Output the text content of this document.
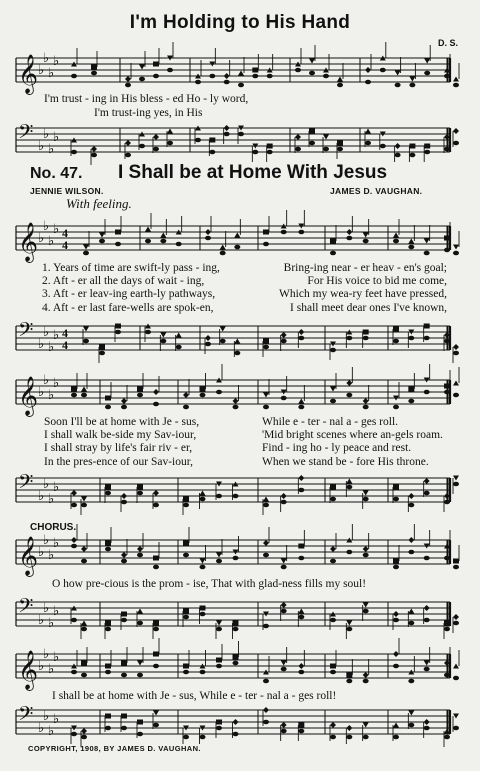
I'm Holding to His Hand
D. S.
𝄞 ♭
♭
♭
♭
I'm trust - ing in His bless - ed Ho - ly word,
I'm trust-ing yes, in His
𝄢 ♭
♭
♭
♭
No. 47. I Shall be at Home With Jesus
JENNIE WILSON.	JAMES D. VAUGHAN.
With feeling.
𝄞 ♭
♭
♭
♭ 4
4
1. Years of time are swift-ly pass - ing,
2. Aft - er all the days of wait - ing,
3. Aft - er leav-ing earth-ly pathways,
4. Aft - er last fare-wells are spok-en,
Bring-ing near - er heav - en's goal;
For His voice to bid me come,
Which my wea-ry feet have pressed,
I shall meet dear ones I've known,
𝄢 ♭
♭
♭
♭ 4
4
𝄞 ♭
♭
♭
♭
Soon I'll be at home with Je - sus,
I shall walk be-side my Sav-iour,
I shall stray by life's fair riv - er,
In the pres-ence of our Sav-iour,
While e - ter - nal a - ges roll.
'Mid bright scenes where an-gels roam.
Find - ing ho - ly peace and rest.
When we stand be - fore His throne.
𝄢 ♭
♭
♭
♭
CHORUS.
𝄞 ♭
♭
♭
♭
O how pre-cious is the prom - ise, That with glad-ness fills my soul!
𝄢 ♭
♭
♭
♭
𝄞 ♭
♭
♭
♭
I shall be at home with Je - sus, While e - ter - nal a - ges roll!
𝄢 ♭
♭
♭
♭
COPYRIGHT, 1908, BY JAMES D. VAUGHAN.
